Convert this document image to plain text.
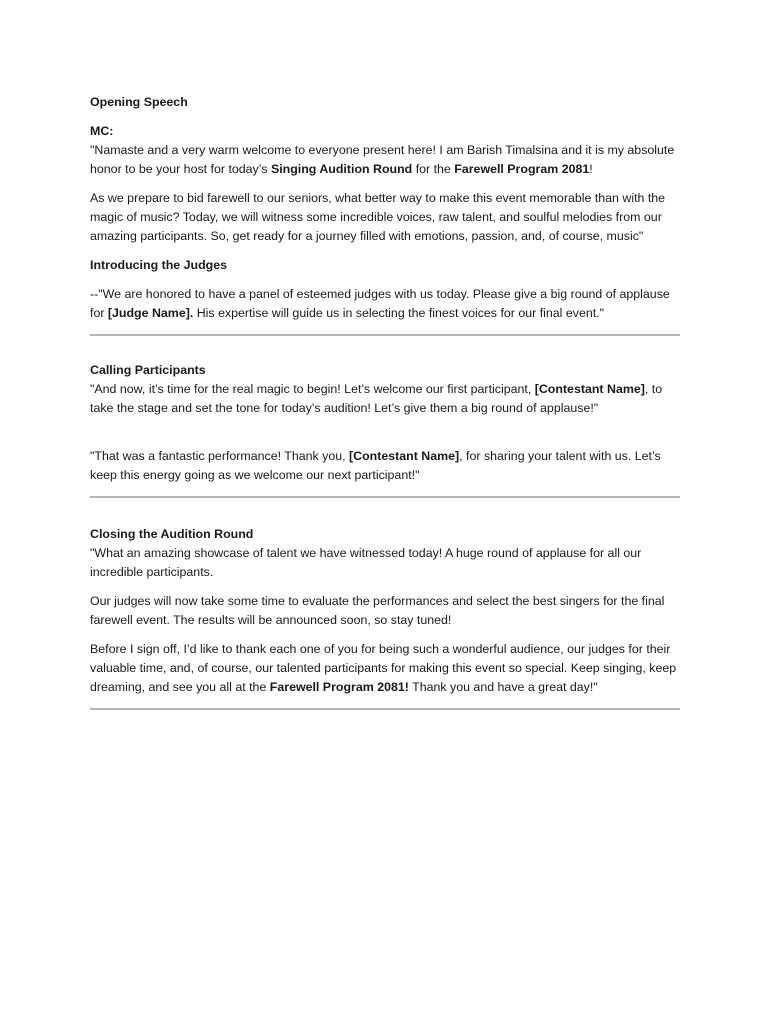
Opening Speech

MC:

"Namaste and a very warm welcome to everyone present here! I am Barish Timalsina and it is my absolute honor to be your host for today’s Singing Audition Round for the Farewell Program 2081!

As we prepare to bid farewell to our seniors, what better way to make this event memorable than with the magic of music? Today, we will witness some incredible voices, raw talent, and soulful melodies from our amazing participants. So, get ready for a journey filled with emotions, passion, and, of course, music"

Introducing the Judges

--"We are honored to have a panel of esteemed judges with us today. Please give a big round of applause for [Judge Name]. His expertise will guide us in selecting the finest voices for our final event."

Calling Participants

"And now, it’s time for the real magic to begin! Let’s welcome our first participant, [Contestant Name], to take the stage and set the tone for today’s audition! Let’s give them a big round of applause!"

"That was a fantastic performance! Thank you, [Contestant Name], for sharing your talent with us. Let’s keep this energy going as we welcome our next participant!"

Closing the Audition Round

"What an amazing showcase of talent we have witnessed today! A huge round of applause for all our incredible participants.

Our judges will now take some time to evaluate the performances and select the best singers for the final farewell event. The results will be announced soon, so stay tuned!

Before I sign off, I’d like to thank each one of you for being such a wonderful audience, our judges for their valuable time, and, of course, our talented participants for making this event so special. Keep singing, keep dreaming, and see you all at the Farewell Program 2081! Thank you and have a great day!"
